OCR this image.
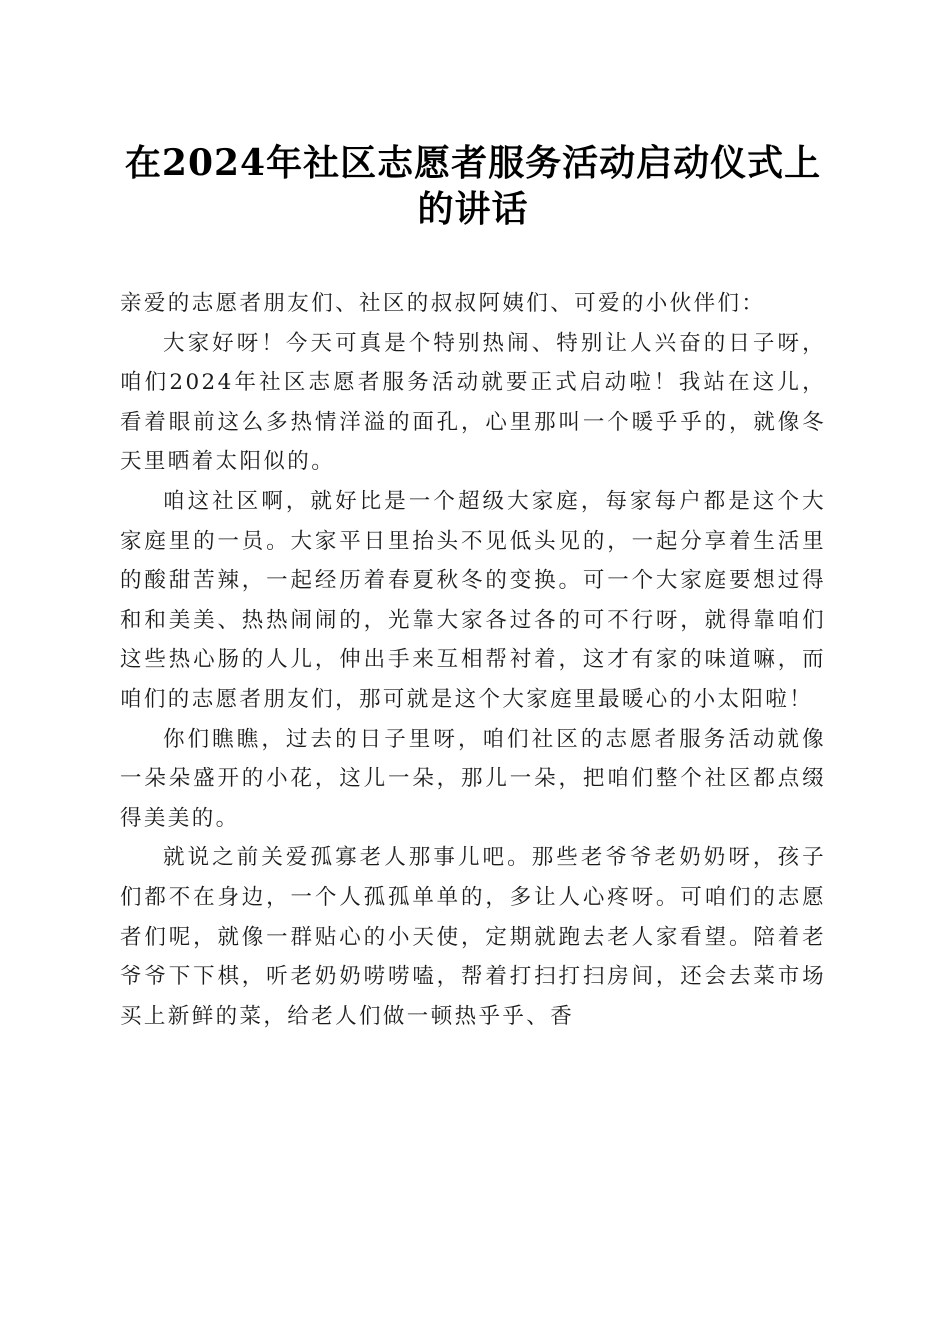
在2024年社区志愿者服务活动启动仪式上的讲话

亲爱的志愿者朋友们、社区的叔叔阿姨们、可爱的小伙伴们：

大家好呀！今天可真是个特别热闹、特别让人兴奋的日子呀，咱们2024年社区志愿者服务活动就要正式启动啦！我站在这儿，看着眼前这么多热情洋溢的面孔，心里那叫一个暖乎乎的，就像冬天里晒着太阳似的。

咱这社区啊，就好比是一个超级大家庭，每家每户都是这个大家庭里的一员。大家平日里抬头不见低头见的，一起分享着生活里的酸甜苦辣，一起经历着春夏秋冬的变换。可一个大家庭要想过得和和美美、热热闹闹的，光靠大家各过各的可不行呀，就得靠咱们这些热心肠的人儿，伸出手来互相帮衬着，这才有家的味道嘛，而咱们的志愿者朋友们，那可就是这个大家庭里最暖心的小太阳啦！

你们瞧瞧，过去的日子里呀，咱们社区的志愿者服务活动就像一朵朵盛开的小花，这儿一朵，那儿一朵，把咱们整个社区都点缀得美美的。

就说之前关爱孤寡老人那事儿吧。那些老爷爷老奶奶呀，孩子们都不在身边，一个人孤孤单单的，多让人心疼呀。可咱们的志愿者们呢，就像一群贴心的小天使，定期就跑去老人家看望。陪着老爷爷下下棋，听老奶奶唠唠嗑，帮着打扫打扫房间，还会去菜市场买上新鲜的菜，给老人们做一顿热乎乎、香
